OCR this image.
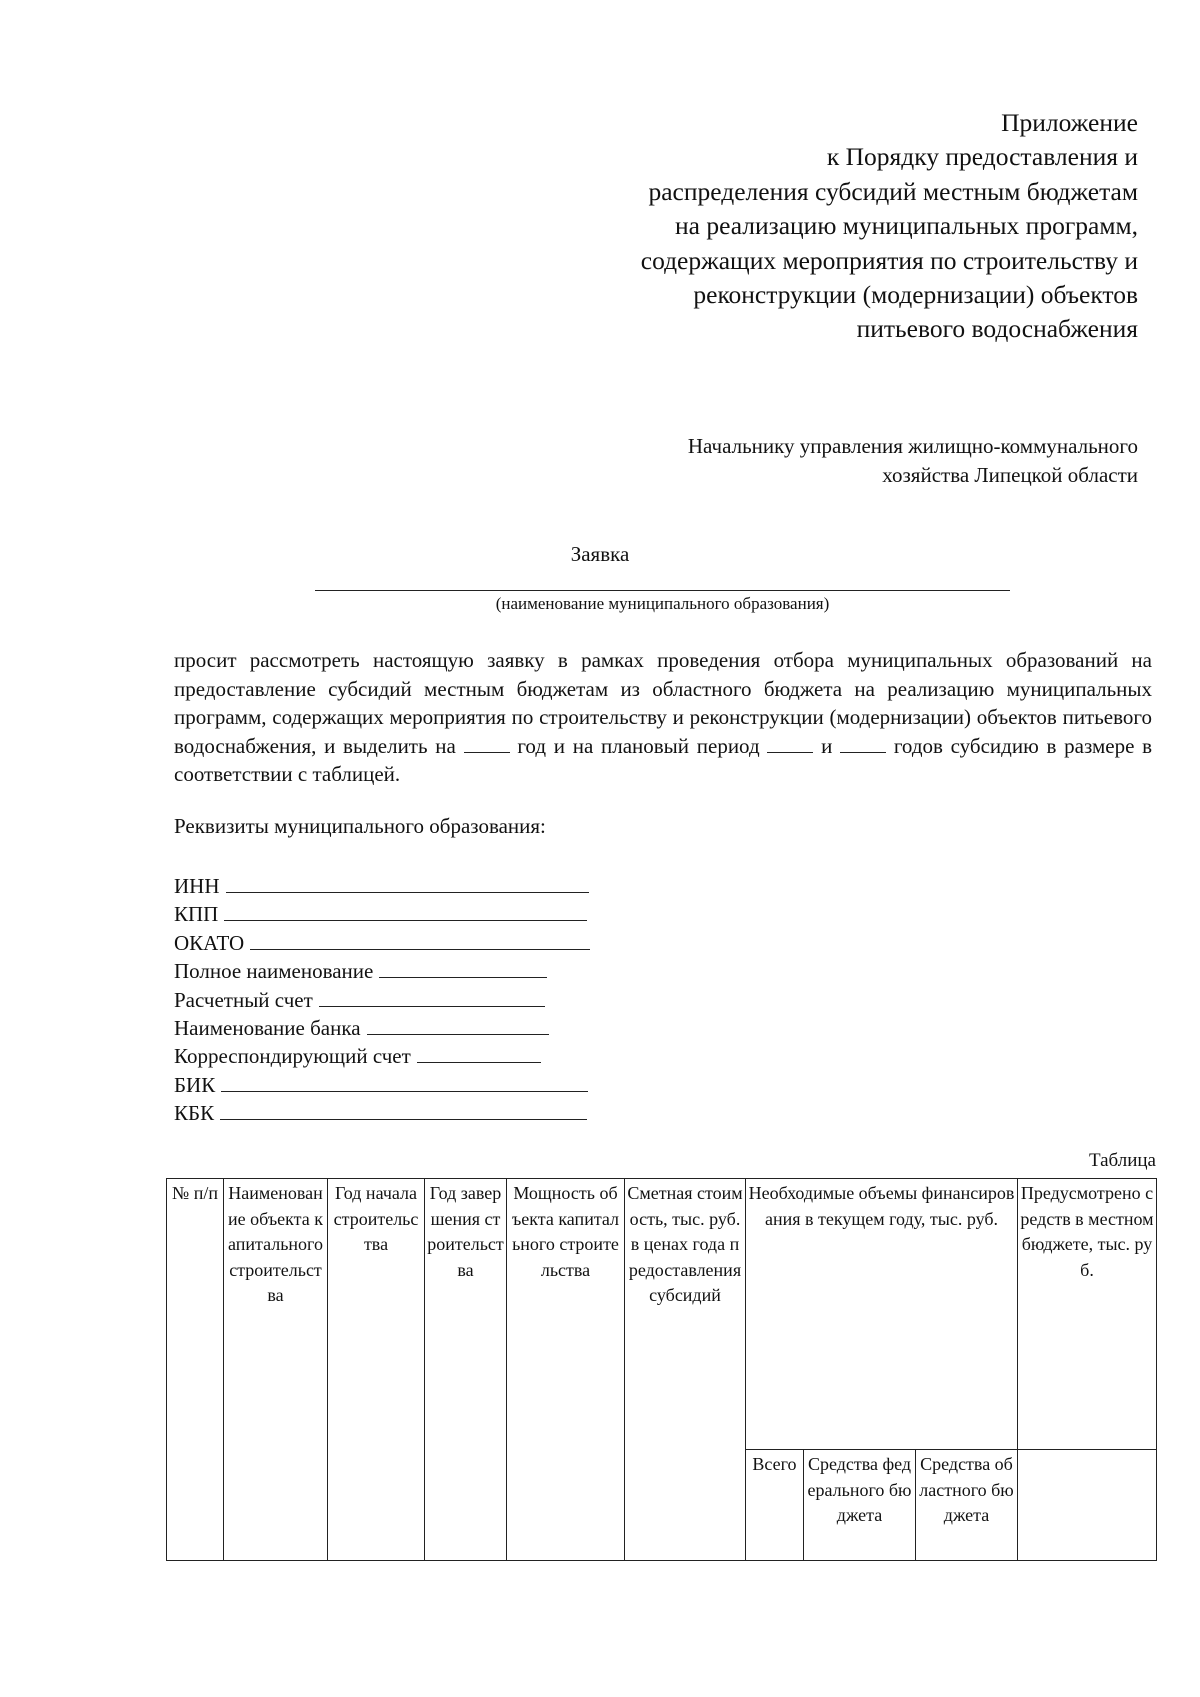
Приложение
к Порядку предоставления и
распределения субсидий местным бюджетам
на реализацию муниципальных программ,
содержащих мероприятия по строительству и
реконструкции (модернизации) объектов
питьевого водоснабжения
Начальнику управления жилищно-коммунального
хозяйства Липецкой области
Заявка
(наименование муниципального образования)
просит рассмотреть настоящую заявку в рамках проведения отбора муниципальных образований на предоставление субсидий местным бюджетам из областного бюджета на реализацию муниципальных программ, содержащих мероприятия по строительству и реконструкции (модернизации) объектов питьевого водоснабжения, и выделить на	год и на плановый период	и	годов субсидию в размере в соответствии с таблицей.
Реквизиты муниципального образования:
ИНН
КПП
ОКАТО
Полное наименование
Расчетный счет
Наименование банка
Корреспондирующий счет
БИК
КБК
Таблица
№ п/п	Наименование объекта капитального строительства	Год начала строительства	Год завершения строительства	Мощность объекта капитального строительства	Сметная стоимость, тыс. руб. в ценах года предоставления субсидий	Необходимые объемы финансирования в текущем году, тыс. руб.			Предусмотрено средств в местном бюджете, тыс. руб.
						Всего	Средства федерального бюджета	Средства областного бюджета	
